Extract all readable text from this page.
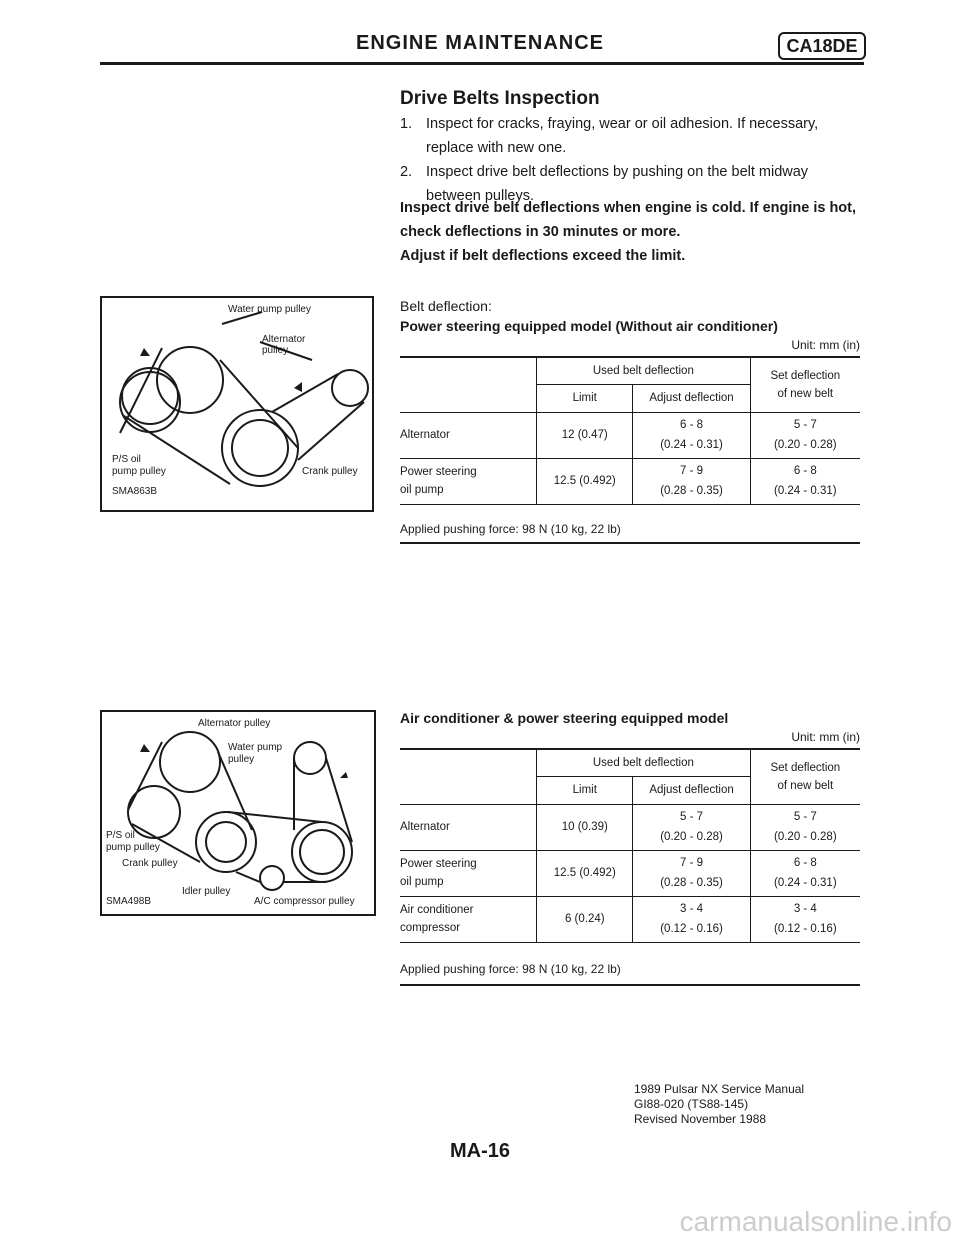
ENGINE MAINTENANCE	CA18DE
Drive Belts Inspection
1. Inspect for cracks, fraying, wear or oil adhesion. If necessary, replace with new one.
2. Inspect drive belt deflections by pushing on the belt midway between pulleys.
Inspect drive belt deflections when engine is cold. If engine is hot, check deflections in 30 minutes or more.
Adjust if belt deflections exceed the limit.
Water pump pulley
Alternator pulley
P/S oil
pump pulley	Crank pulley
SMA863B
Belt deflection:
Power steering equipped model (Without air conditioner)
Unit: mm (in)
	Used belt deflection		Set deflection
of new belt
	Limit	Adjust deflection	
Alternator	12 (0.47)	6 - 8
(0.24 - 0.31)	5 - 7
(0.20 - 0.28)
Power steering
oil pump	12.5 (0.492)	7 - 9
(0.28 - 0.35)	6 - 8
(0.24 - 0.31)
Applied pushing force: 98 N (10 kg, 22 lb)
Alternator pulley
Water pump
pulley
P/S oil
pump pulley
Crank pulley
Idler pulley
A/C compressor pulley
SMA498B
Air conditioner & power steering equipped model
Unit: mm (in)
	Used belt deflection		Set deflection
of new belt
	Limit	Adjust deflection	
Alternator	10 (0.39)	5 - 7
(0.20 - 0.28)	5 - 7
(0.20 - 0.28)
Power steering
oil pump	12.5 (0.492)	7 - 9
(0.28 - 0.35)	6 - 8
(0.24 - 0.31)
Air conditioner
compressor	6 (0.24)	3 - 4
(0.12 - 0.16)	3 - 4
(0.12 - 0.16)
Applied pushing force: 98 N (10 kg, 22 lb)
1989 Pulsar NX Service Manual
GI88-020 (TS88-145)
Revised November 1988
MA-16
carmanualsonline.info
